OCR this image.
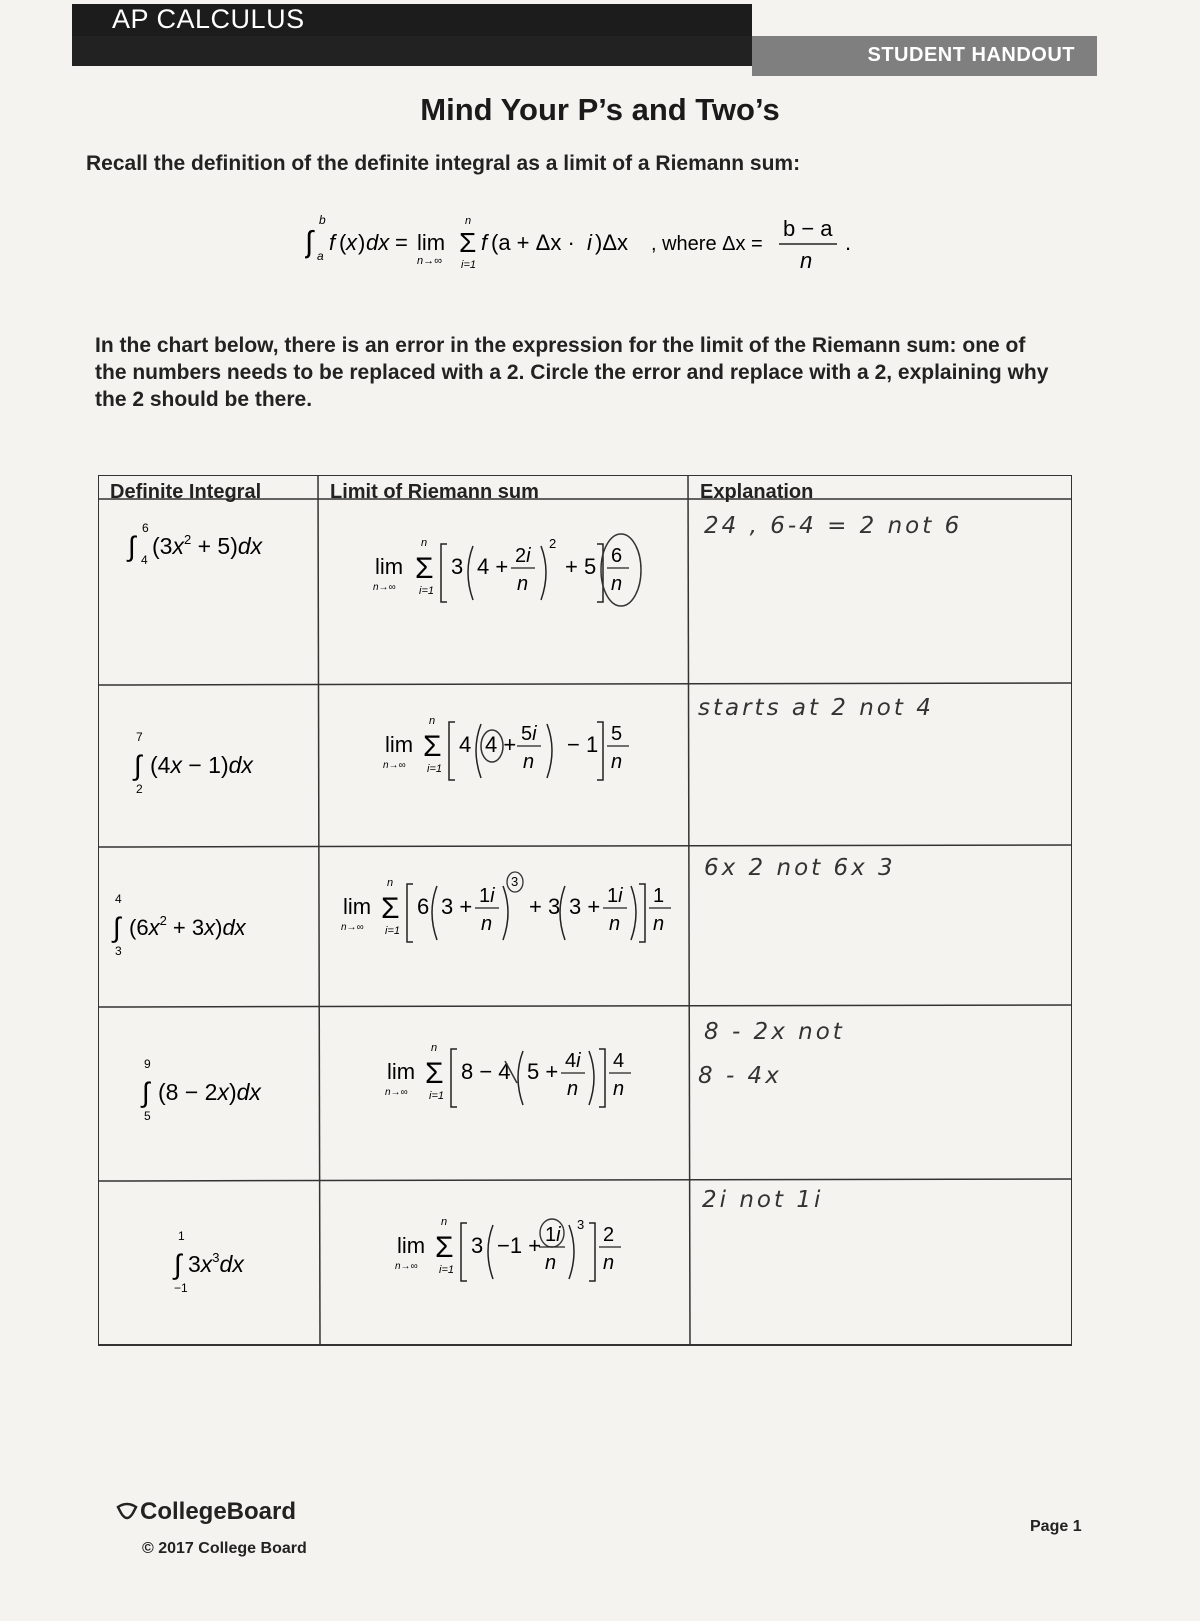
AP CALCULUS
STUDENT HANDOUT
Mind Your P’s and Two’s
Recall the definition of the definite integral as a limit of a Riemann sum:
∫
b
a
f ( x ) dx = lim
n→∞
Σ
n
i=1
f (a + Δx · i )Δx , where Δx =
b − a
n
.
In the chart below, there is an error in the expression for the limit of the Riemann sum: one of the numbers needs to be replaced with a 2. Circle the error and replace with a 2, explaining why the 2 should be there.
Definite Integral	Limit of Riemann sum	Explanation
∫
6
4
$(3x^2 + 5)dx$
lim
n→∞
Σ
n
i=1
3 4 + 2i
n
2
+ 5 6
n
24 , 6-4 = 2 not 6
∫
7
2
(4x − 1)dx
lim
n→∞
Σ
n
i=1
4 4 + 5i
n
− 1 5
n
starts at 2 not 4
∫
4
3
$(6x^2 + 3x)dx$
lim
n→∞
Σ
n
i=1
6 3 + 1i
n
3
+ 3 3 + 1i
n
1
n
6x 2 not 6x 3
∫
9
5
(8 − 2x)dx
lim
n→∞
Σ
n
i=1
8 − 4 5 + 4i
n
4
n
8 - 2x not
8 - 4x
∫
1
−1
$3x^3dx$
lim
n→∞
Σ
n
i=1
3 −1 + 1i
n
3 2
n
2i not 1i
CollegeBoard
© 2017 College Board
Page 1
